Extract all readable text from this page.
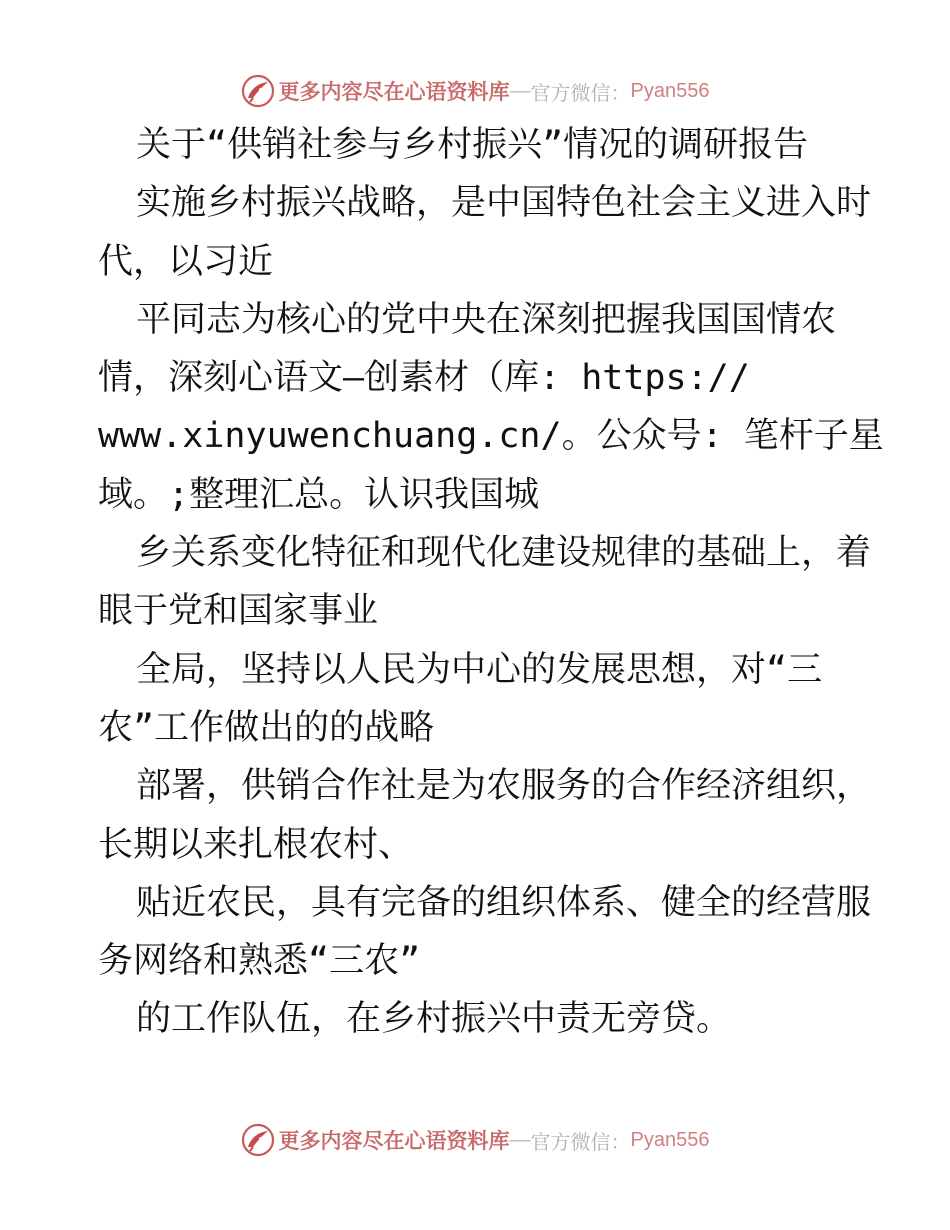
更多内容尽在心语资料库 — 官方微信： Pyan556

关于“供销社参与乡村振兴”情况的调研报告

实施乡村振兴战略，是中国特色社会主义进入时

代，以习近

平同志为核心的党中央在深刻把握我国国情农

情，深刻心语文—创素材（库: https://

www.xinyuwenchuang.cn/。公众号: 笔杆子星

域。;整理汇总。认识我国城

乡关系变化特征和现代化建设规律的基础上，着

眼于党和国家事业

全局，坚持以人民为中心的发展思想，对“三

农”工作做出的的战略

部署，供销合作社是为农服务的合作经济组织，

长期以来扎根农村、

贴近农民，具有完备的组织体系、健全的经营服

务网络和熟悉“三农”

的工作队伍，在乡村振兴中责无旁贷。

更多内容尽在心语资料库 — 官方微信： Pyan556
